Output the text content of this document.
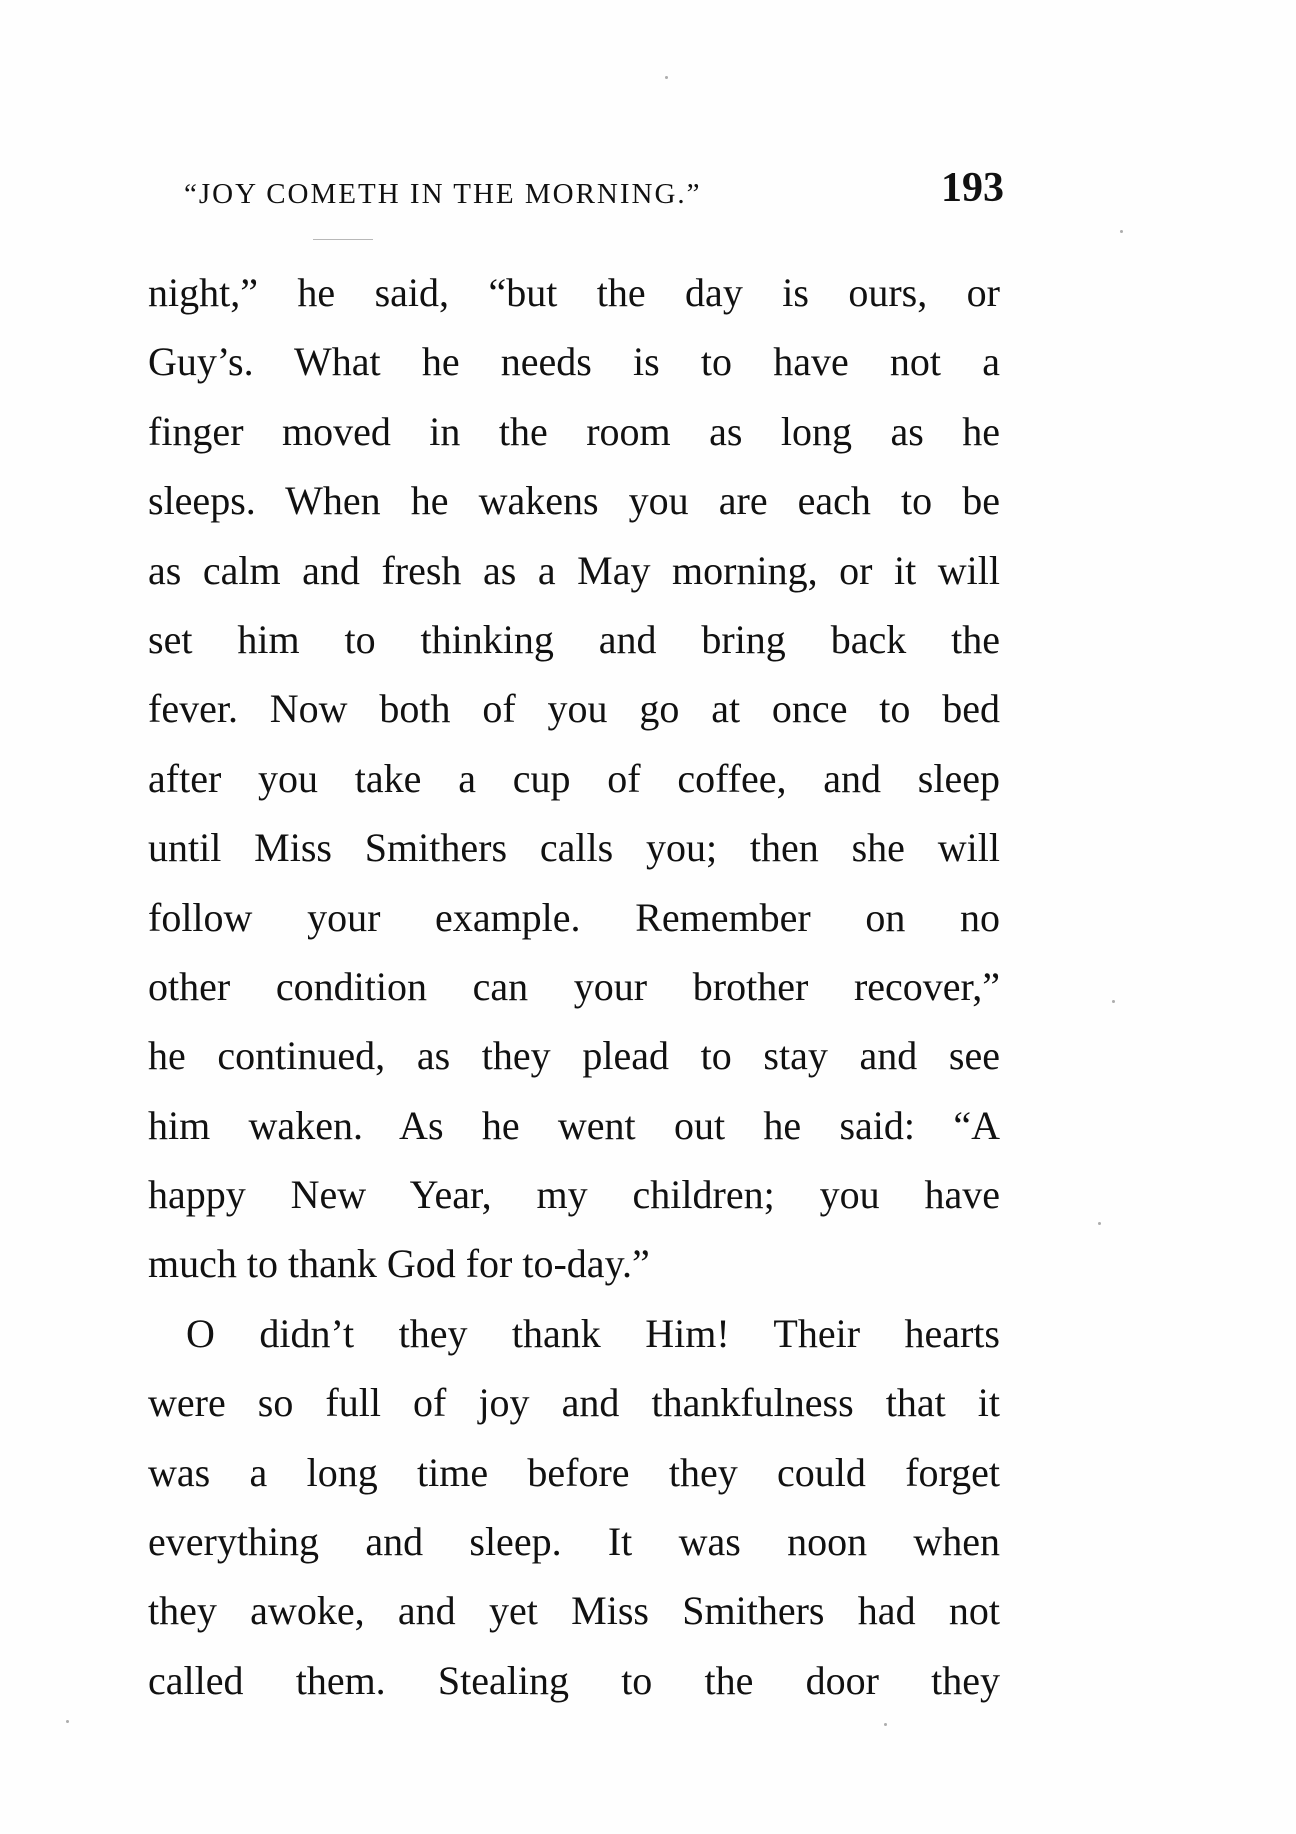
“JOY COMETH IN THE MORNING.”	193
night,” he said, “but the day is ours, or
Guy’s. What he needs is to have not a
finger moved in the room as long as he
sleeps. When he wakens you are each to be
as calm and fresh as a May morning, or it will
set him to thinking and bring back the
fever. Now both of you go at once to bed
after you take a cup of coffee, and sleep
until Miss Smithers calls you; then she will
follow your example. Remember on no
other condition can your brother recover,”
he continued, as they plead to stay and see
him waken. As he went out he said: “A
happy New Year, my children; you have
much to thank God for to-day.”
O didn’t they thank Him! Their hearts
were so full of joy and thankfulness that it
was a long time before they could forget
everything and sleep. It was noon when
they awoke, and yet Miss Smithers had not
called them. Stealing to the door they
